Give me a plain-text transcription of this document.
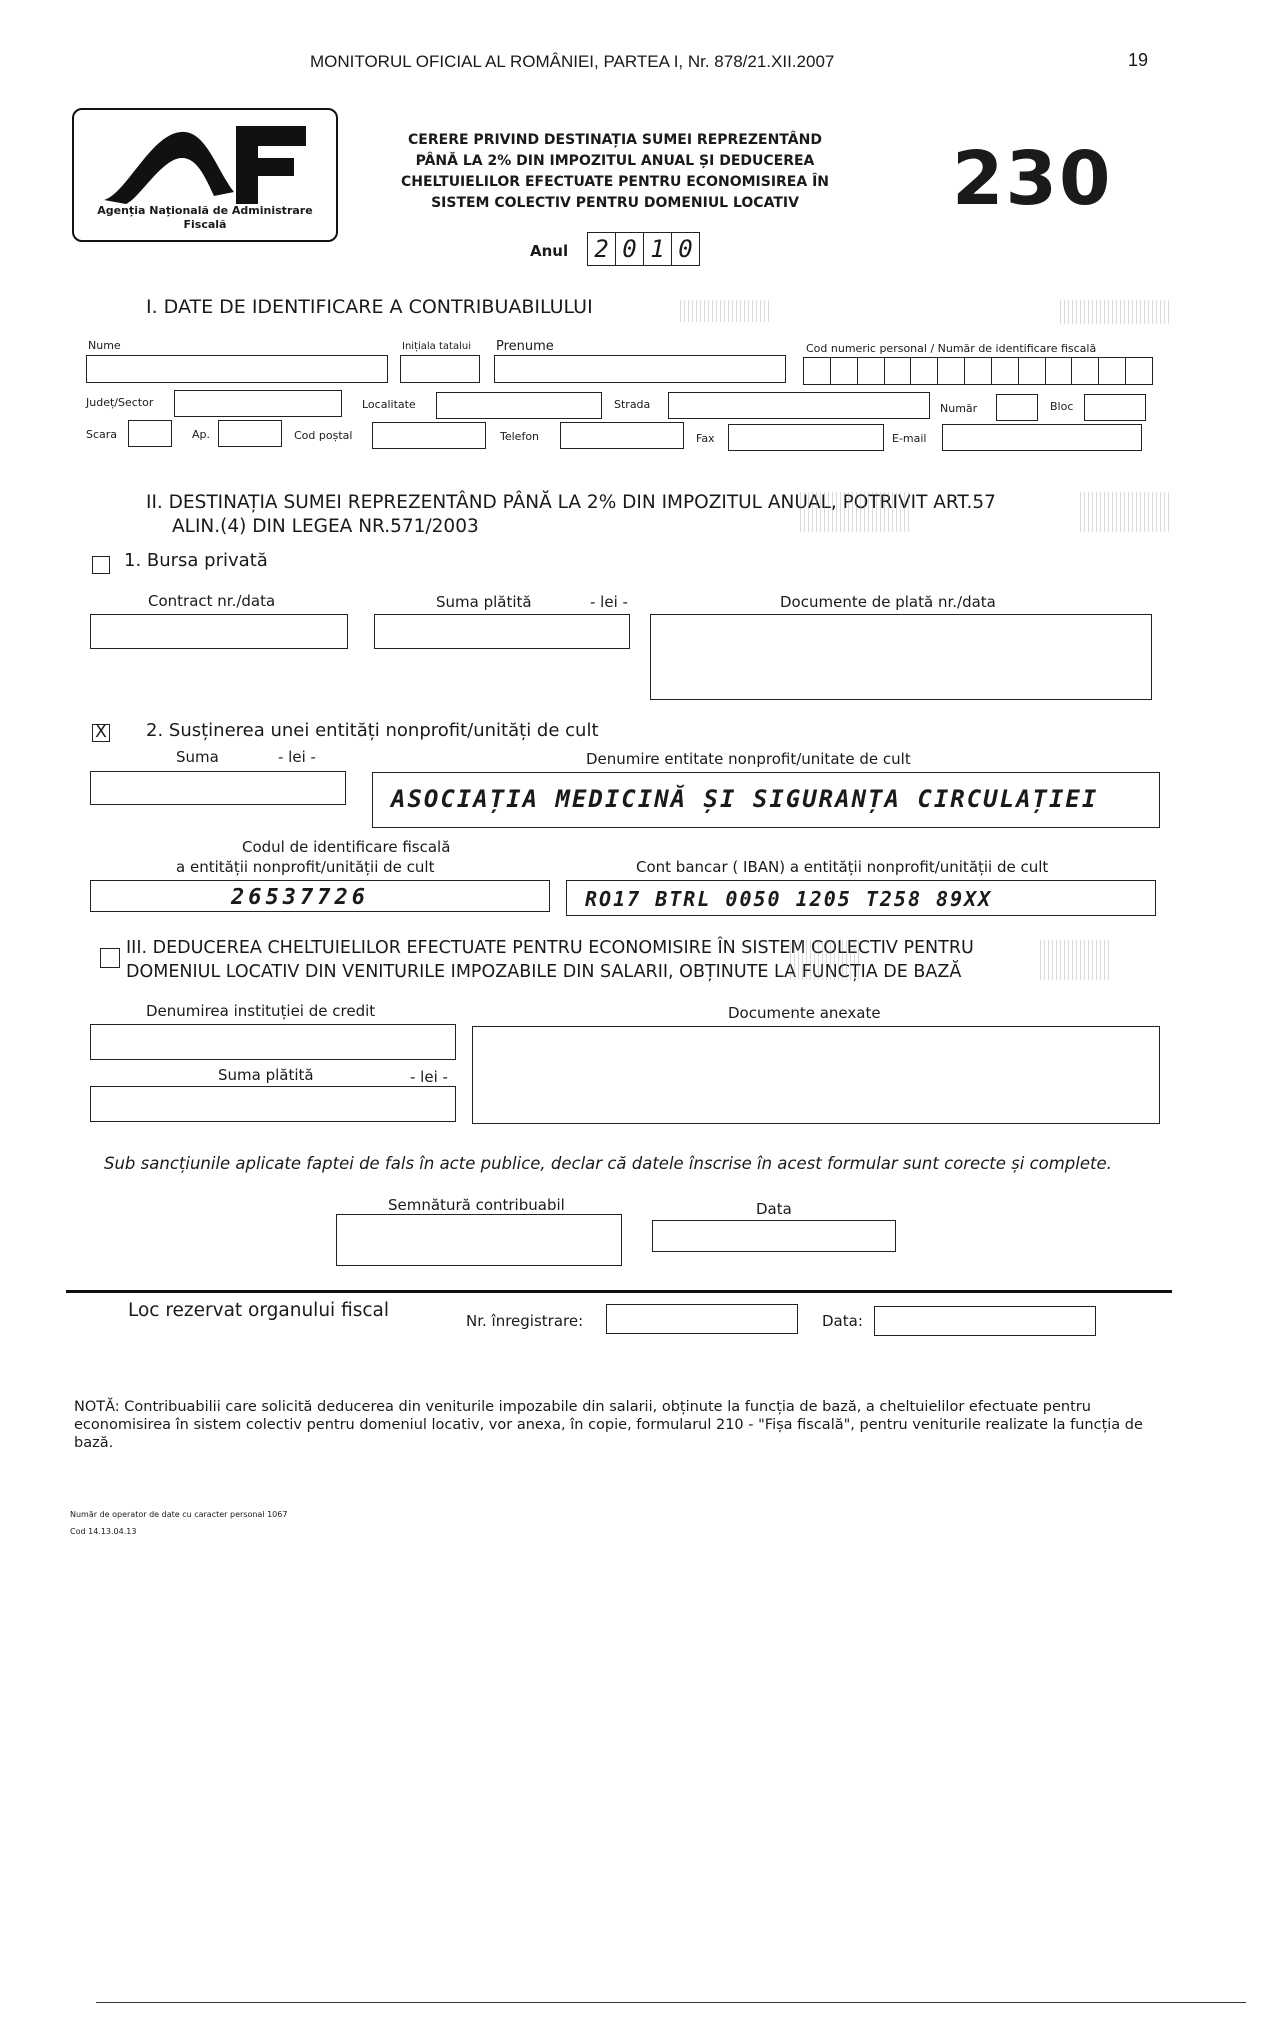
MONITORUL OFICIAL AL ROMÂNIEI, PARTEA I, Nr. 878/21.XII.2007	19
Agenția Națională de Administrare
Fiscală
CERERE PRIVIND DESTINAȚIA SUMEI REPREZENTÂND
PÂNĂ LA 2% DIN IMPOZITUL ANUAL ȘI DEDUCEREA
CHELTUIELILOR EFECTUATE PENTRU ECONOMISIREA ÎN
SISTEM COLECTIV PENTRU DOMENIUL LOCATIV	230
Anul 2 0 1 0
I. DATE DE IDENTIFICARE A CONTRIBUABILULUI
Nume	Inițiala tatalui Prenume	Cod numeric personal / Număr de identificare fiscală
Județ/Sector	Localitate	Strada	Număr	Bloc
Scara	Ap.	Cod poștal	Telefon	Fax	E-mail
II. DESTINAȚIA SUMEI REPREZENTÂND PÂNĂ LA 2% DIN IMPOZITUL ANUAL, POTRIVIT ART.57
ALIN.(4) DIN LEGEA NR.571/2003
1. Bursa privată
Contract nr./data	Suma plătită	- lei -	Documente de plată nr./data
X 2. Susținerea unei entități nonprofit/unități de cult
Suma	- lei -	Denumire entitate nonprofit/unitate de cult
ASOCIAȚIA MEDICINĂ ȘI SIGURANȚA CIRCULAȚIEI
Codul de identificare fiscală
a entității nonprofit/unității de cult
26537726
Cont bancar ( IBAN) a entității nonprofit/unității de cult
RO17 BTRL 0050 1205 T258 89XX
III. DEDUCEREA CHELTUIELILOR EFECTUATE PENTRU ECONOMISIRE ÎN SISTEM COLECTIV PENTRU
DOMENIUL LOCATIV DIN VENITURILE IMPOZABILE DIN SALARII, OBȚINUTE LA FUNCȚIA DE BAZĂ
Denumirea instituției de credit
Suma plătită	- lei -
Documente anexate
Sub sancțiunile aplicate faptei de fals în acte publice, declar că datele înscrise în acest formular sunt corecte și complete.
Semnătură contribuabil	Data
Loc rezervat organului fiscal	Nr. înregistrare:	Data:
NOTĂ: Contribuabilii care solicită deducerea din veniturile impozabile din salarii, obținute la funcția de bază, a cheltuielilor efectuate pentru economisirea în sistem colectiv pentru domeniul locativ, vor anexa, în copie, formularul 210 - "Fișa fiscală", pentru veniturile realizate la funcția de bază.
Număr de operator de date cu caracter personal 1067
Cod 14.13.04.13
